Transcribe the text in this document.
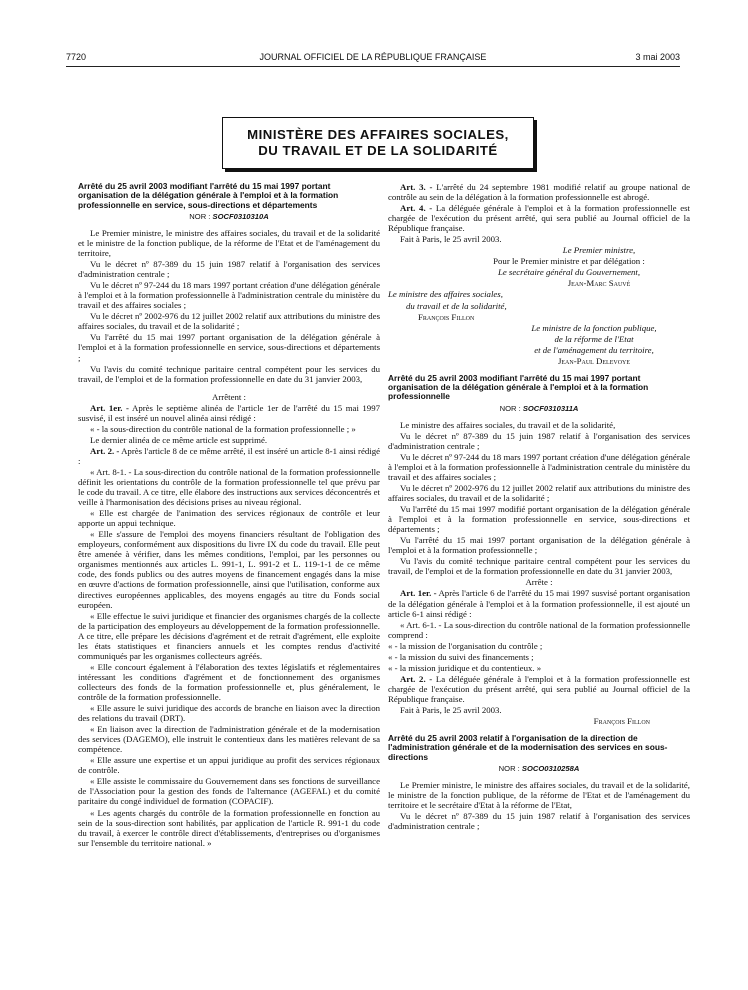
7720	JOURNAL OFFICIEL DE LA RÉPUBLIQUE FRANÇAISE	3 mai 2003
MINISTÈRE DES AFFAIRES SOCIALES,
DU TRAVAIL ET DE LA SOLIDARITÉ

Arrêté du 25 avril 2003 modifiant l'arrêté du 15 mai 1997 portant organisation de la délégation générale à l'emploi et à la formation professionnelle en service, sous-directions et départements

NOR : SOCF0310310A

Le Premier ministre, le ministre des affaires sociales, du travail et de la solidarité et le ministre de la fonction publique, de la réforme de l'Etat et de l'aménagement du territoire,

Vu le décret nº 87-389 du 15 juin 1987 relatif à l'organisation des services d'administration centrale ;

Vu le décret nº 97-244 du 18 mars 1997 portant création d'une délégation générale à l'emploi et à la formation professionnelle à l'administration centrale du ministère du travail et des affaires sociales ;

Vu le décret nº 2002-976 du 12 juillet 2002 relatif aux attributions du ministre des affaires sociales, du travail et de la solidarité ;

Vu l'arrêté du 15 mai 1997 portant organisation de la délégation générale à l'emploi et à la formation professionnelle en service, sous-directions et départements ;

Vu l'avis du comité technique paritaire central compétent pour les services du travail, de l'emploi et de la formation professionnelle en date du 31 janvier 2003,

Arrêtent :

Art. 1er. - Après le septième alinéa de l'article 1er de l'arrêté du 15 mai 1997 susvisé, il est inséré un nouvel alinéa ainsi rédigé :

« - la sous-direction du contrôle national de la formation professionnelle ; »

Le dernier alinéa de ce même article est supprimé.

Art. 2. - Après l'article 8 de ce même arrêté, il est inséré un article 8-1 ainsi rédigé :

« Art. 8-1. - La sous-direction du contrôle national de la formation professionnelle définit les orientations du contrôle de la formation professionnelle tel que prévu par le code du travail. A ce titre, elle élabore des instructions aux services déconcentrés et veille à l'harmonisation des décisions prises au niveau régional.

« Elle est chargée de l'animation des services régionaux de contrôle et leur apporte un appui technique.

« Elle s'assure de l'emploi des moyens financiers résultant de l'obligation des employeurs, conformément aux dispositions du livre IX du code du travail. Elle peut être amenée à vérifier, dans les mêmes conditions, l'emploi, par les personnes ou organismes mentionnés aux articles L. 991-1, L. 991-2 et L. 119-1-1 de ce même code, des fonds publics ou des autres moyens de financement engagés dans la mise en œuvre d'actions de formation professionnelle, ainsi que l'utilisation, conforme aux directives européennes applicables, des moyens engagés au titre du Fonds social européen.

« Elle effectue le suivi juridique et financier des organismes chargés de la collecte de la participation des employeurs au développement de la formation professionnelle. A ce titre, elle prépare les décisions d'agrément et de retrait d'agrément, elle exploite les états statistiques et financiers annuels et les comptes rendus d'activité communiqués par les organismes collecteurs agréés.

« Elle concourt également à l'élaboration des textes législatifs et réglementaires intéressant les conditions d'agrément et de fonctionnement des organismes collecteurs des fonds de la formation professionnelle et, plus généralement, le contrôle de la formation professionnelle.

« Elle assure le suivi juridique des accords de branche en liaison avec la direction des relations du travail (DRT).

« En liaison avec la direction de l'administration générale et de la modernisation des services (DAGEMO), elle instruit le contentieux dans les matières relevant de sa compétence.

« Elle assure une expertise et un appui juridique au profit des services régionaux de contrôle.

« Elle assiste le commissaire du Gouvernement dans ses fonctions de surveillance de l'Association pour la gestion des fonds de l'alternance (AGEFAL) et du comité paritaire du congé individuel de formation (COPACIF).

« Les agents chargés du contrôle de la formation professionnelle en fonction au sein de la sous-direction sont habilités, par application de l'article R. 991-1 du code du travail, à exercer le contrôle direct d'établissements, d'entreprises ou d'organismes sur l'ensemble du territoire national. »

Art. 3. - L'arrêté du 24 septembre 1981 modifié relatif au groupe national de contrôle au sein de la délégation à la formation professionnelle est abrogé.

Art. 4. - La déléguée générale à l'emploi et à la formation professionnelle est chargée de l'exécution du présent arrêté, qui sera publié au Journal officiel de la République française.

Fait à Paris, le 25 avril 2003.

Le Premier ministre,

Pour le Premier ministre et par délégation :

Le secrétaire général du Gouvernement,

Jean-Marc Sauvé

Le ministre des affaires sociales,

du travail et de la solidarité,

François Fillon

Le ministre de la fonction publique,

de la réforme de l'Etat

et de l'aménagement du territoire,

Jean-Paul Delevoye

Arrêté du 25 avril 2003 modifiant l'arrêté du 15 mai 1997 portant organisation de la délégation générale à l'emploi et à la formation professionnelle

NOR : SOCF0310311A

Le ministre des affaires sociales, du travail et de la solidarité,

Vu le décret nº 87-389 du 15 juin 1987 relatif à l'organisation des services d'administration centrale ;

Vu le décret nº 97-244 du 18 mars 1997 portant création d'une délégation générale à l'emploi et à la formation professionnelle à l'administration centrale du ministère du travail et des affaires sociales ;

Vu le décret nº 2002-976 du 12 juillet 2002 relatif aux attributions du ministre des affaires sociales, du travail et de la solidarité ;

Vu l'arrêté du 15 mai 1997 modifié portant organisation de la délégation générale à l'emploi et à la formation professionnelle en service, sous-directions et départements ;

Vu l'arrêté du 15 mai 1997 portant organisation de la délégation générale à l'emploi et à la formation professionnelle ;

Vu l'avis du comité technique paritaire central compétent pour les services du travail, de l'emploi et de la formation professionnelle en date du 31 janvier 2003,

Arrête :

Art. 1er. - Après l'article 6 de l'arrêté du 15 mai 1997 susvisé portant organisation de la délégation générale à l'emploi et à la formation professionnelle, il est ajouté un article 6-1 ainsi rédigé :

« Art. 6-1. - La sous-direction du contrôle national de la formation professionnelle comprend :

« - la mission de l'organisation du contrôle ;

« - la mission du suivi des financements ;

« - la mission juridique et du contentieux. »

Art. 2. - La déléguée générale à l'emploi et à la formation professionnelle est chargée de l'exécution du présent arrêté, qui sera publié au Journal officiel de la République française.

Fait à Paris, le 25 avril 2003.

François Fillon

Arrêté du 25 avril 2003 relatif à l'organisation de la direction de l'administration générale et de la modernisation des services en sous-directions

NOR : SOCO0310258A

Le Premier ministre, le ministre des affaires sociales, du travail et de la solidarité, le ministre de la fonction publique, de la réforme de l'Etat et de l'aménagement du territoire et le secrétaire d'Etat à la réforme de l'Etat,

Vu le décret nº 87-389 du 15 juin 1987 relatif à l'organisation des services d'administration centrale ;
